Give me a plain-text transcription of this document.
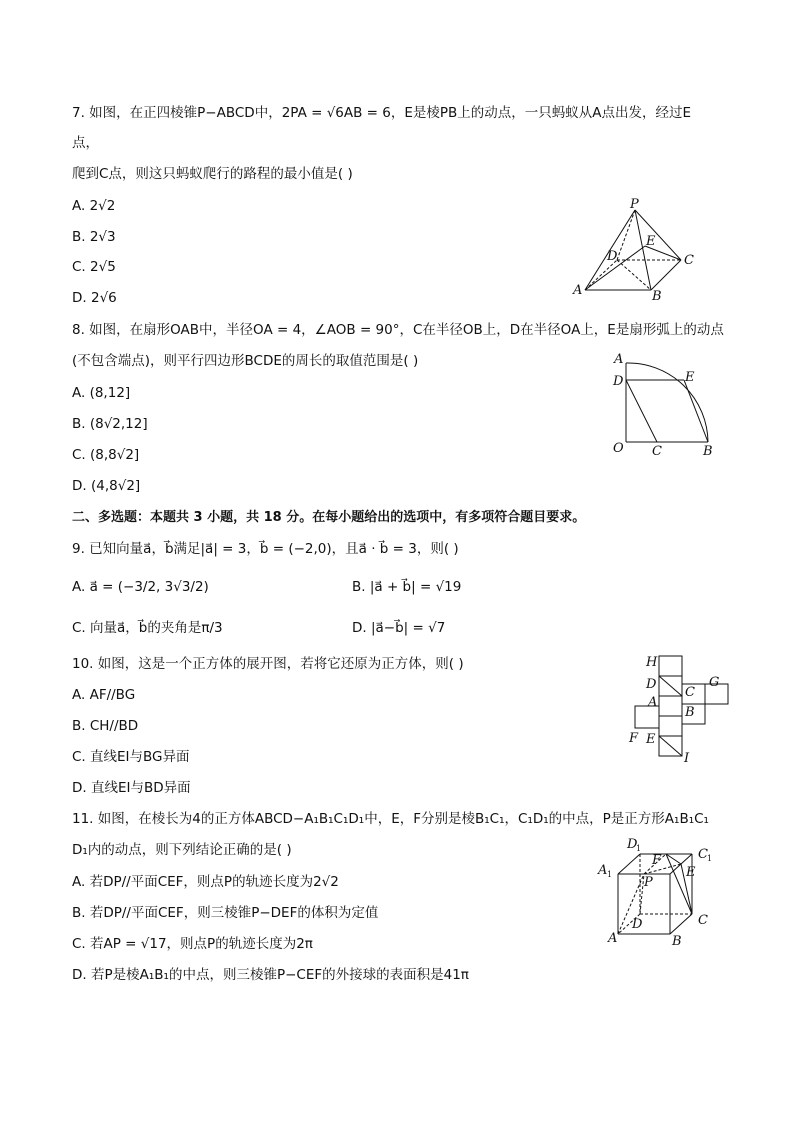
7. 如图，在正四棱锥P−ABCD中，2PA = √6AB = 6，E是棱PB上的动点，一只蚂蚁从A点出发，经过E
点，
爬到C点，则这只蚂蚁爬行的路程的最小值是( )
A. 2√2
B. 2√3
C. 2√5
D. 2√6
P
E
D	C
A	B
8. 如图，在扇形OAB中，半径OA = 4，∠AOB = 90°，C在半径OB上，D在半径OA上，E是扇形弧上的动点
(不包含端点)，则平行四边形BCDE的周长的取值范围是( )
A. (8,12]
B. (8√2,12]
C. (8,8√2]
D. (4,8√2]
A
D	E
O C	B
二、多选题：本题共 3 小题，共 18 分。在每小题给出的选项中，有多项符合题目要求。
9. 已知向量a⃗，b⃗满足|a⃗| = 3，b⃗ = (−2,0)，且a⃗ · b⃗ = 3，则( )
A. a⃗ = (−3/2, 3√3/2)	B. |a⃗ + b⃗| = √19
C. 向量a⃗，b⃗的夹角是π/3	D. |a⃗−b⃗| = √7
10. 如图，这是一个正方体的展开图，若将它还原为正方体，则( )
A. AF//BG
B. CH//BD
C. 直线EI与BG异面
D. 直线EI与BD异面
H
D
C
G
A
B
F E
I
11. 如图，在棱长为4的正方体ABCD−A₁B₁C₁D₁中，E，F分别是棱B₁C₁，C₁D₁的中点，P是正方形A₁B₁C₁
D₁内的动点，则下列结论正确的是( )
A. 若DP//平面CEF，则点P的轨迹长度为2√2
B. 若DP//平面CEF，则三棱锥P−DEF的体积为定值
C. 若AP = √17，则点P的轨迹长度为2π
D. 若P是棱A₁B₁的中点，则三棱锥P−CEF的外接球的表面积是41π
D
1
F	C 1
A 1
P
E
D	C
A	B
